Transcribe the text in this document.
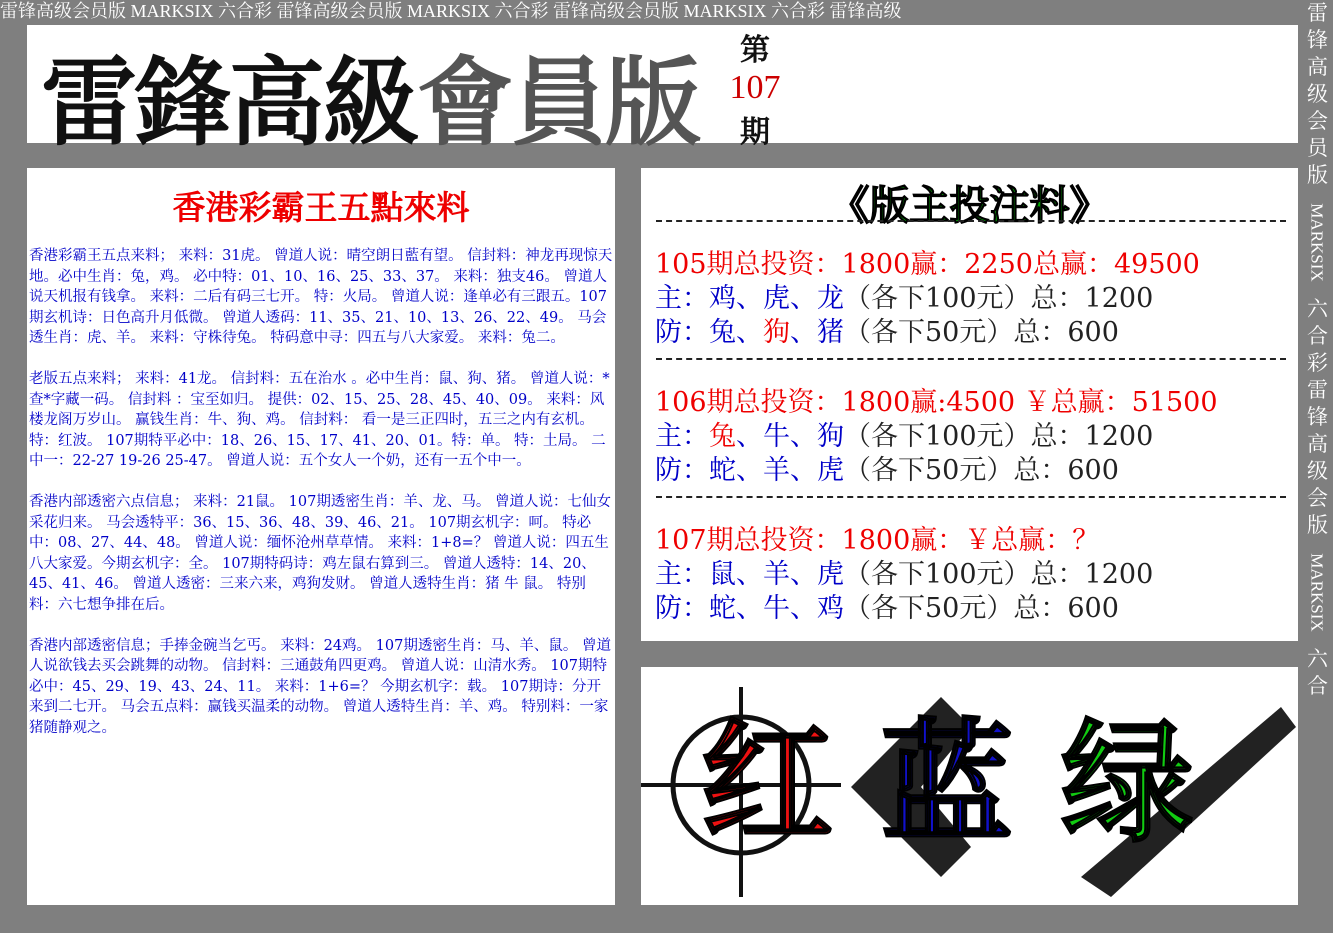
雷锋高级会员版 MARKSIX 六合彩 雷锋高级会员版 MARKSIX 六合彩 雷锋高级会员版 MARKSIX 六合彩 雷锋高级	雷
锋
高
级
会
员
版
MARKSIX
六
合
彩
雷
锋
高
级
会
版
MARKSIX
六
合
雷鋒高級會員版	第
107
期
香港彩霸王五點來料

香港彩霸王五点来料； 来料：31虎。 曾道人说：晴空朗日藍有望。 信封料：神龙再现惊天地。必中生肖：兔，鸡。 必中特：01、10、16、25、33、37。 来料：独支46。 曾道人说天机报有钱拿。 来料：二后有码三七开。 特：火局。 曾道人说：逢单必有三跟五。107期玄机诗：日色高升月低微。 曾道人透码：11、35、21、10、13、26、22、49。 马会透生肖：虎、羊。 来料：守株待兔。 特码意中寻：四五与八大家爱。 来料：兔二。

老版五点来料； 来料：41龙。 信封料：五在治水 。必中生肖：鼠、狗、猪。 曾道人说：*查*字藏一码。 信封料 ：宝至如归。 提供：02、15、25、28、45、40、09。 来料：风楼龙阁万岁山。 赢钱生肖：牛、狗、鸡。 信封料： 看一是三正四时，五三之内有玄机。 特：红波。 107期特平必中：18、26、15、17、41、20、01。特：单。 特：土局。 二中一：22-27 19-26 25-47。 曾道人说：五个女人一个奶，还有一五个中一。

香港内部透密六点信息； 来料：21鼠。 107期透密生肖：羊、龙、马。 曾道人说：七仙女采花归来。 马会透特平：36、15、36、48、39、46、21。 107期玄机字：呵。 特必中：08、27、44、48。 曾道人说：缅怀沧州草草情。 来料：1+8=？ 曾道人说：四五生八大家爱。今期玄机字：全。 107期特码诗：鸡左鼠右算到三。 曾道人透特：14、20、45、41、46。 曾道人透密：三来六来，鸡狗发财。 曾道人透特生肖：猪 牛 鼠。 特别料：六七想争排在后。

香港内部透密信息；手捧金碗当乞丐。 来料：24鸡。 107期透密生肖：马、羊、鼠。 曾道人说欲钱去买会跳舞的动物。 信封料：三通鼓角四更鸡。 曾道人说：山清水秀。 107期特必中：45、29、19、43、24、11。 来料：1+6=？ 今期玄机字：载。 107期诗：分开来到二七开。 马会五点料：赢钱买温柔的动物。 曾道人透特生肖：羊、鸡。 特别料：一家猪随静观之。

《版主投注料》
105期总投资：1800赢：2250总赢：49500
主：鸡、虎、龙（各下100元）总：1200
防：兔、狗、猪（各下50元）总：600
106期总投资：1800赢:4500 ￥总赢：51500
主：兔、牛、狗（各下100元）总：1200
防：蛇、羊、虎（各下50元）总：600
107期总投资：1800赢：￥总赢：？
主：鼠、羊、虎（各下100元）总：1200
防：蛇、牛、鸡（各下50元）总：600
红 蓝 绿
